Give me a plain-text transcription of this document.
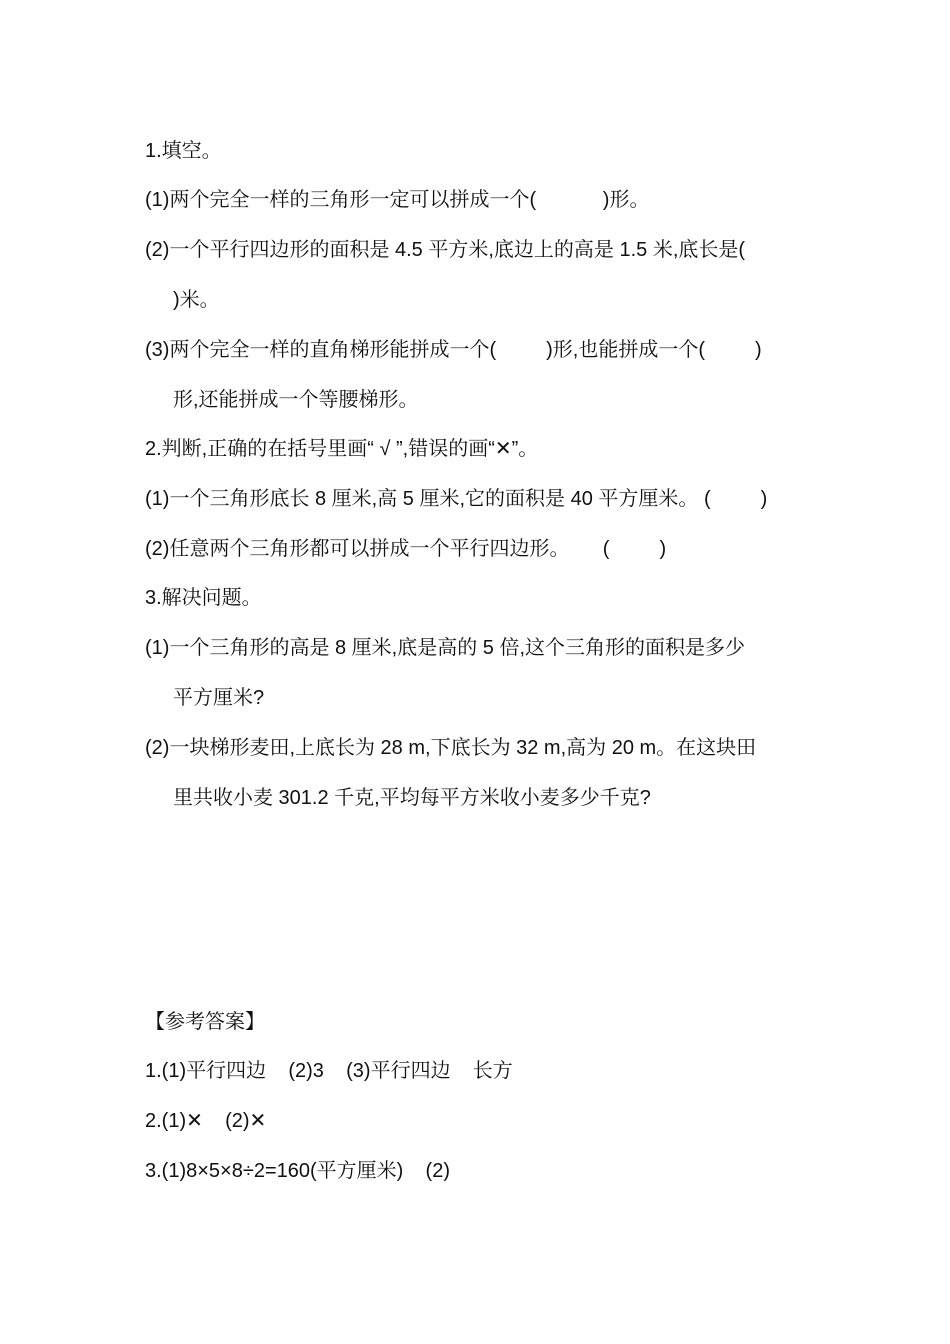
1.填空。
(1)两个完全一样的三角形一定可以拼成一个(            )形。
(2)一个平行四边形的面积是 4.5 平方米,底边上的高是 1.5 米,底长是(
)米。
(3)两个完全一样的直角梯形能拼成一个(         )形,也能拼成一个(         )
形,还能拼成一个等腰梯形。
2.判断,正确的在括号里画“ √ ”,错误的画“✕”。
(1)一个三角形底长 8 厘米,高 5 厘米,它的面积是 40 平方厘米。 (         )
(2)任意两个三角形都可以拼成一个平行四边形。      (         )
3.解决问题。
(1)一个三角形的高是 8 厘米,底是高的 5 倍,这个三角形的面积是多少
平方厘米?
(2)一块梯形麦田,上底长为 28 m,下底长为 32 m,高为 20 m。在这块田
里共收小麦 301.2 千克,平均每平方米收小麦多少千克?
【参考答案】
1.(1)平行四边    (2)3    (3)平行四边    长方
2.(1)✕    (2)✕
3.(1)8×5×8÷2=160(平方厘米)    (2)
